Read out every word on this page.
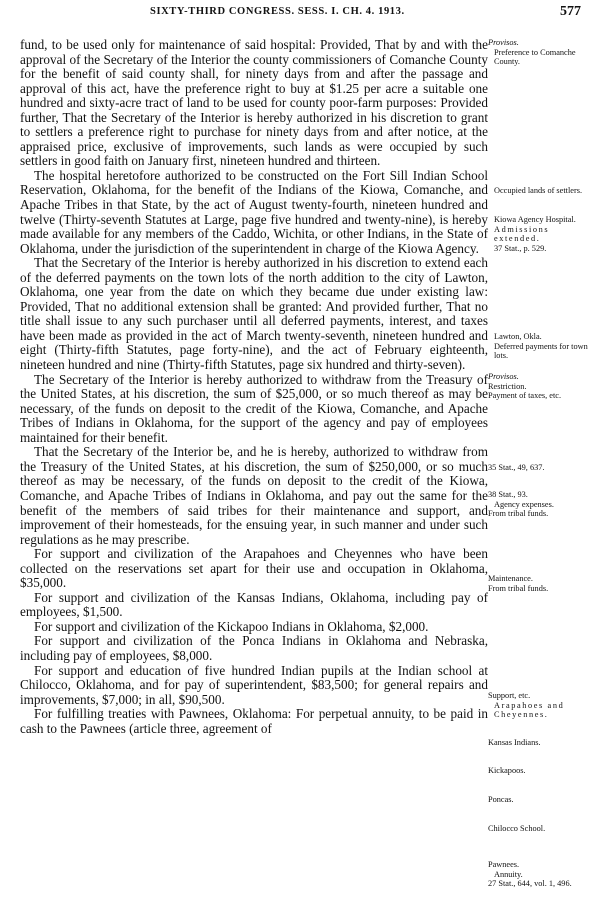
SIXTY-THIRD CONGRESS. SESS. I. CH. 4. 1913.	577

fund, to be used only for maintenance of said hospital: Provided, That by and with the approval of the Secretary of the Interior the county commissioners of Comanche County for the benefit of said county shall, for ninety days from and after the passage and approval of this act, have the preference right to buy at $1.25 per acre a suitable one hundred and sixty-acre tract of land to be used for county poor-farm purposes: Provided further, That the Secretary of the Interior is hereby authorized in his discretion to grant to settlers a preference right to purchase for ninety days from and after notice, at the appraised price, exclusive of improvements, such lands as were occupied by such settlers in good faith on January first, nineteen hundred and thirteen.

The hospital heretofore authorized to be constructed on the Fort Sill Indian School Reservation, Oklahoma, for the benefit of the Indians of the Kiowa, Comanche, and Apache Tribes in that State, by the act of August twenty-fourth, nineteen hundred and twelve (Thirty-seventh Statutes at Large, page five hundred and twenty-nine), is hereby made available for any members of the Caddo, Wichita, or other Indians, in the State of Oklahoma, under the jurisdiction of the superintendent in charge of the Kiowa Agency.

That the Secretary of the Interior is hereby authorized in his discretion to extend each of the deferred payments on the town lots of the north addition to the city of Lawton, Oklahoma, one year from the date on which they became due under existing law: Provided, That no additional extension shall be granted: And provided further, That no title shall issue to any such purchaser until all deferred payments, interest, and taxes have been made as provided in the act of March twenty-seventh, nineteen hundred and eight (Thirty-fifth Statutes, page forty-nine), and the act of February eighteenth, nineteen hundred and nine (Thirty-fifth Statutes, page six hundred and thirty-seven).

The Secretary of the Interior is hereby authorized to withdraw from the Treasury of the United States, at his discretion, the sum of $25,000, or so much thereof as may be necessary, of the funds on deposit to the credit of the Kiowa, Comanche, and Apache Tribes of Indians in Oklahoma, for the support of the agency and pay of employees maintained for their benefit.

That the Secretary of the Interior be, and he is hereby, authorized to withdraw from the Treasury of the United States, at his discretion, the sum of $250,000, or so much thereof as may be necessary, of the funds on deposit to the credit of the Kiowa, Comanche, and Apache Tribes of Indians in Oklahoma, and pay out the same for the benefit of the members of said tribes for their maintenance and support, and improvement of their homesteads, for the ensuing year, in such manner and under such regulations as he may prescribe.

For support and civilization of the Arapahoes and Cheyennes who have been collected on the reservations set apart for their use and occupation in Oklahoma, $35,000.

For support and civilization of the Kansas Indians, Oklahoma, including pay of employees, $1,500.

For support and civilization of the Kickapoo Indians in Oklahoma, $2,000.

For support and civilization of the Ponca Indians in Oklahoma and Nebraska, including pay of employees, $8,000.

For support and education of five hundred Indian pupils at the Indian school at Chilocco, Oklahoma, and for pay of superintendent, $83,500; for general repairs and improvements, $7,000; in all, $90,500.

For fulfilling treaties with Pawnees, Oklahoma: For perpetual annuity, to be paid in cash to the Pawnees (article three, agreement of

Provisos.
Preference to Comanche County.
Occupied lands of settlers.
Kiowa Agency Hospital.
Admissions extended.
37 Stat., p. 529.
Lawton, Okla.
Deferred payments for town lots.
Provisos.
Restriction.
Payment of taxes, etc.
35 Stat., 49, 637.
38 Stat., 93.
Agency expenses.
From tribal funds.
Maintenance.
From tribal funds.
Support, etc.
Arapahoes and Cheyennes.
Kansas Indians.
Kickapoos.
Poncas.
Chilocco School.
Pawnees.
Annuity.
27 Stat., 644, vol. 1, 496.
